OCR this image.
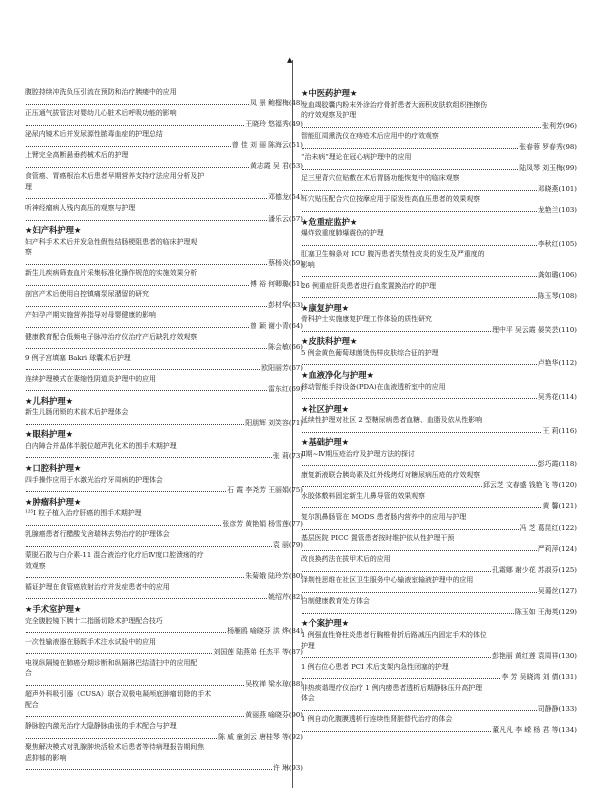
▲
腹腔持续冲洗负压引流在预防和治疗胰瘘中的应用
凤 景 鲍榴梅 (48)
正压通气拔管法对婴幼儿心脏术后呼吸功能的影响
王晓玲 悠福秀 (49)
泌尿内镜术后并发尿源性脓毒血症的护理总结
曾 佳 刘 丽 陈海云 (51)
上臂完全高断悬垂药械术后的护理
黄志霞 吴 君 (53)
食管癌、胃癌根治术后患者早期营养支持疗法应用分析及护
理
邓德龙 (54)
听神经瘤病人残内高压的观察与护理
潘乐云 (57)
★妇产科护理★
妇产科手术术后并发急性假性结肠梗阻患者的临床护理观
察
蔡杨炎 (59)
新生儿疾病筛查血片采集标准化操作规范的实施效果分析
傅 裕 何卿璐 (61)
剖宫产术后使用自控镇痛泵尿潴留的研究
彭材华 (63)
产妇孕产期实施营养指导对母婴健康的影响
曾 颖 谢小青 (64)
健康教育配合低频电子脉冲治疗仪治疗产后缺乳疗效观察
陈会敏 (66)
9 例子宫填塞 Bakri 球囊术后护理
欧阳丽芳 (67)
连续护理模式在妻缩性阴道炎护理中的应用
雷东红 (69)
★儿科护理★
新生儿肠闭锁的术前术后护理体会
阳朋辉 刘笑容 (71)
★眼科护理★
白内障合并晶体半脱位超声乳化术的围手术期护理
张 莉 (73)
★口腔科护理★
四手操作应用于水激光治疗牙周病的护理体会
石 霞 李尧芳 王丽娟 (75)
★肿瘤科护理★
¹²⁵I 粒子植入治疗肝癌的围手术期护理
张彦芳 黄艳娟 杨雪莲 (77)
乳腺癌患者行醋酸戈舍瑞林去势治疗的护理体会
袁 丽 (79)
蒙脱石散与白介素-11 混合液治疗化疗后Ⅳ度口腔溃疡的疗
效观察
朱菊娥 陆玲芳 (80)
循证护理在食管癌放射治疗并发症患者中的应用
姚绍芹 (82)
★手术室护理★
完全腹腔镜下胰十二指肠切除术护理配合技巧
杨雁鸥 喻晓芬 洪 烨 (84)
一次性输液器在肠既手术注水试验中的应用
刘国莲 陆燕弟 任杰平 等 (87)
电视纵隔镜在肺癌分期诊断和纵隔淋巴结清扫中的应用配
合
吴枚禅 梁水琼 (88)
超声外科吸引器（CUSA）联合双极电凝颅底肿瘤切除的手术
配合
黄丽燕 喻晓芬 (90)
静脉腔内激光治疗大隐静脉曲张的手术配合与护理
陈 威 童剑云 唐桂琴 等 (92)
聚焦解决模式对乳腺肿块活检术后患者等待病理报告期间焦
虑抑郁的影响
许 琳 (93)
★中医药护理★
龙血竭胶囊内粉末外涂治疗骨折患者大面积皮肤软组织挫擦伤
的疗效观察及护理
张利芳 (96)
智能肛周熏洗仪在痔疮术后应用中的疗效观察
张春蓉 罗春秀 (98)
“治未病”理论在冠心病护理中的应用
陆凤琴 刘玉梅 (99)
足三里背穴位贴敷在术后胃肠功能恢复中的临床观察
邓晓燕 (101)
耳穴贴压配合穴位按摩应用于原发性高血压患者的效果观察
龙艳兰 (103)
★危重症监护★
爆炸致重度肺爆震伤的护理
李秋红 (105)
肛塞卫生棉条对 ICU 腹泻患者失禁性皮炎的发生及严重度的
影响
龚如璐 (106)
26 例重症肝炎患者进行血浆置换治疗的护理
陈玉琴 (108)
★康复护理★
骨科护士实施康复护理工作体验的质性研究
理中平 吴云霞 晏笑芸 (110)
★皮肤科护理★
5 例金黄色葡萄球菌烫伤样皮肤综合征的护理
卢艳华 (112)
★血液净化与护理★
移动智能手持设备(PDA)在血液透析室中的应用
吴秀花 (114)
★社区护理★
延续性护理对社区 2 型糖尿病患者血糖、血脂及依从性影响
王 莉 (116)
★基础护理★
Ⅱ期~Ⅳ期压疮治疗及护理方法的探讨
彭巧霞 (118)
康复新液联合胰岛素及红外线烤灯对糖尿病压疮的疗效观察
邱云芝 文春盛 钱艳飞 等 (120)
水胶体敷料固定新生儿鼻导管的效果观察
黄 馨 (121)
复尔凯鼻肠管在 MODS 患者肠内营养中的应用与护理
冯 芝 葛昆红 (122)
基层医院 PICC 置管患者按时维护依从性护理干预
严莉萍 (124)
改良换药法在拔甲术后的应用
孔霜娜 谢少花 苏淑芬 (125)
泽荆性思维在社区卫生服务中心输液室输液护理中的应用
吴蔼丝 (127)
自制健康教育处方体会
陈玉如 王海英 (129)
★个案护理★
1 例强直性脊柱炎患者行胸椎骨折后路减压内固定手术的体位
护理
彭艳丽 黄红莲 袁周祥 (130)
1 例右位心患者 PCI 术后支架内急性闭塞的护理
李 芳 吴晓鸿 刘 倩 (131)
非热痰谐理疗仪治疗 1 例内痿患者透析后期静脉压升高护理
体会
司静静 (133)
1 例自动化腹膜透析行连续性肾脏替代治疗的体会
董凡凡 李 嵘 杨 君 等 (134)
